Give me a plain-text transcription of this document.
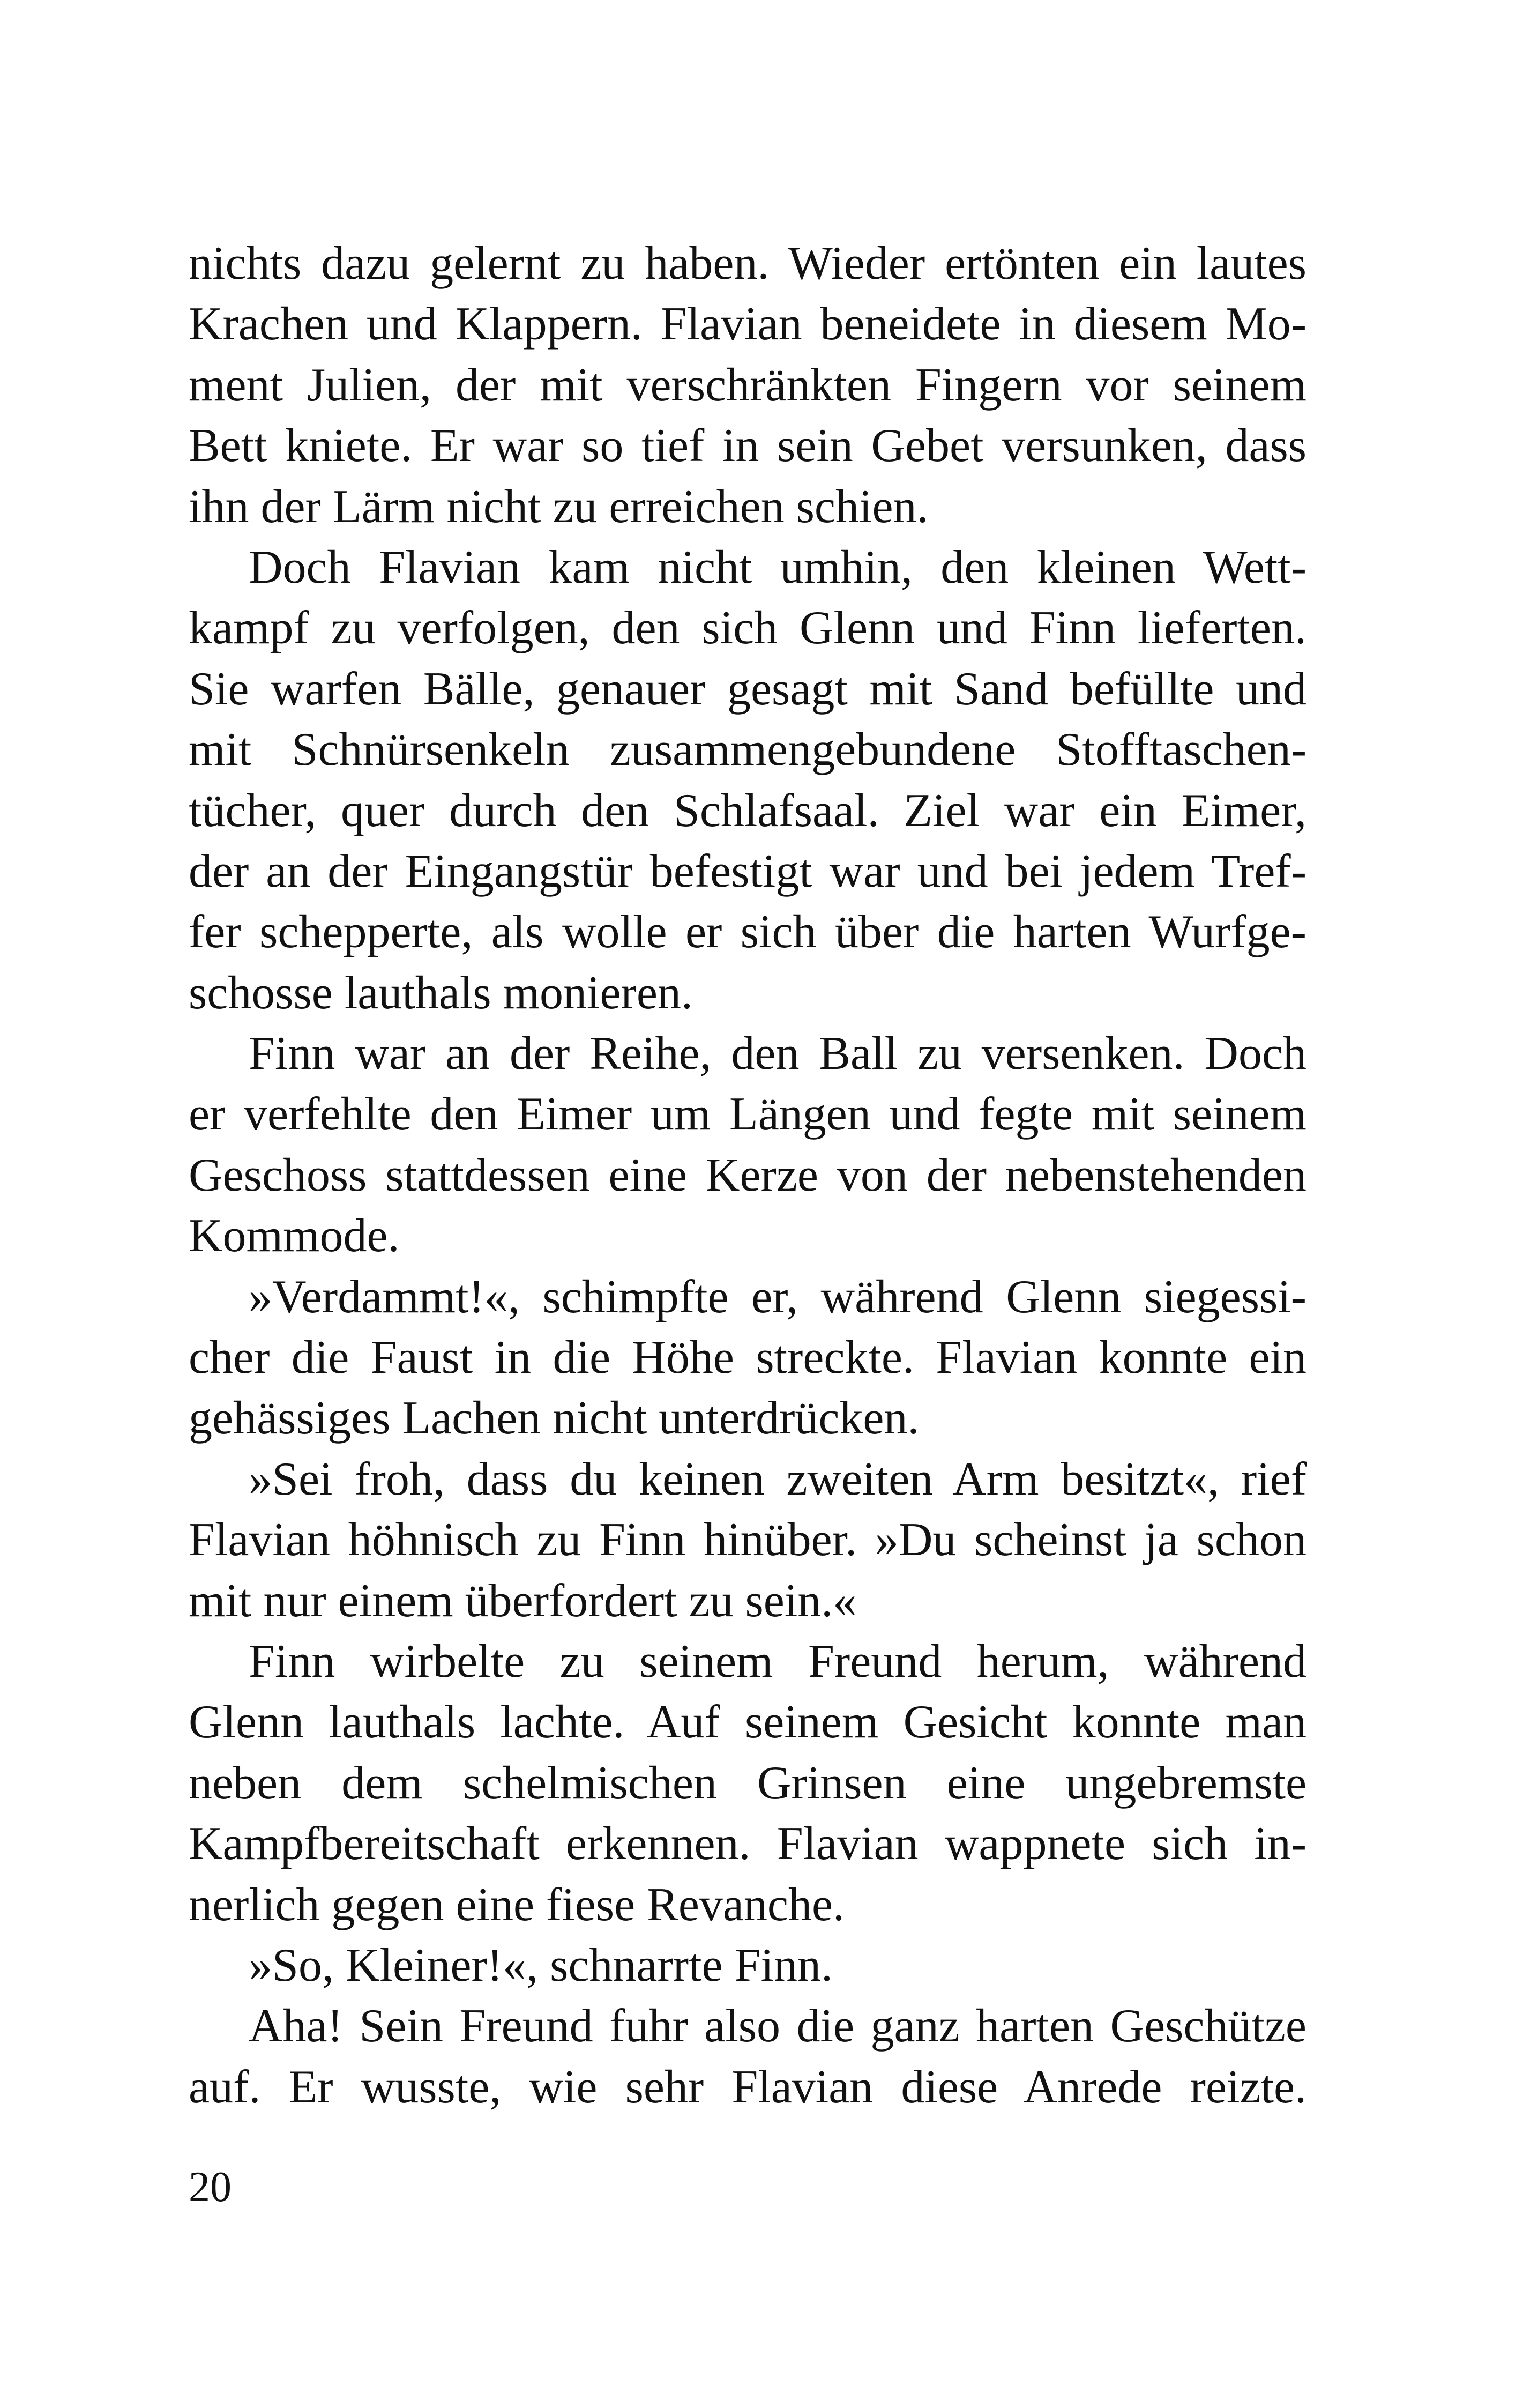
nichts dazu gelernt zu haben. Wieder ertönten ein lautes
Krachen und Klappern. Flavian beneidete in diesem Mo-
ment Julien, der mit verschränkten Fingern vor seinem
Bett kniete. Er war so tief in sein Gebet versunken, dass
ihn der Lärm nicht zu erreichen schien.
Doch Flavian kam nicht umhin, den kleinen Wett-
kampf zu verfolgen, den sich Glenn und Finn lieferten.
Sie warfen Bälle, genauer gesagt mit Sand befüllte und
mit Schnürsenkeln zusammengebundene Stofftaschen-
tücher, quer durch den Schlafsaal. Ziel war ein Eimer,
der an der Eingangstür befestigt war und bei jedem Tref-
fer schepperte, als wolle er sich über die harten Wurfge-
schosse lauthals monieren.
Finn war an der Reihe, den Ball zu versenken. Doch
er verfehlte den Eimer um Längen und fegte mit seinem
Geschoss stattdessen eine Kerze von der nebenstehenden
Kommode.
»Verdammt!«, schimpfte er, während Glenn siegessi-
cher die Faust in die Höhe streckte. Flavian konnte ein
gehässiges Lachen nicht unterdrücken.
»Sei froh, dass du keinen zweiten Arm besitzt«, rief
Flavian höhnisch zu Finn hinüber. »Du scheinst ja schon
mit nur einem überfordert zu sein.«
Finn wirbelte zu seinem Freund herum, während
Glenn lauthals lachte. Auf seinem Gesicht konnte man
neben dem schelmischen Grinsen eine ungebremste
Kampfbereitschaft erkennen. Flavian wappnete sich in-
nerlich gegen eine fiese Revanche.
»So, Kleiner!«, schnarrte Finn.
Aha! Sein Freund fuhr also die ganz harten Geschütze
auf. Er wusste, wie sehr Flavian diese Anrede reizte.
20
